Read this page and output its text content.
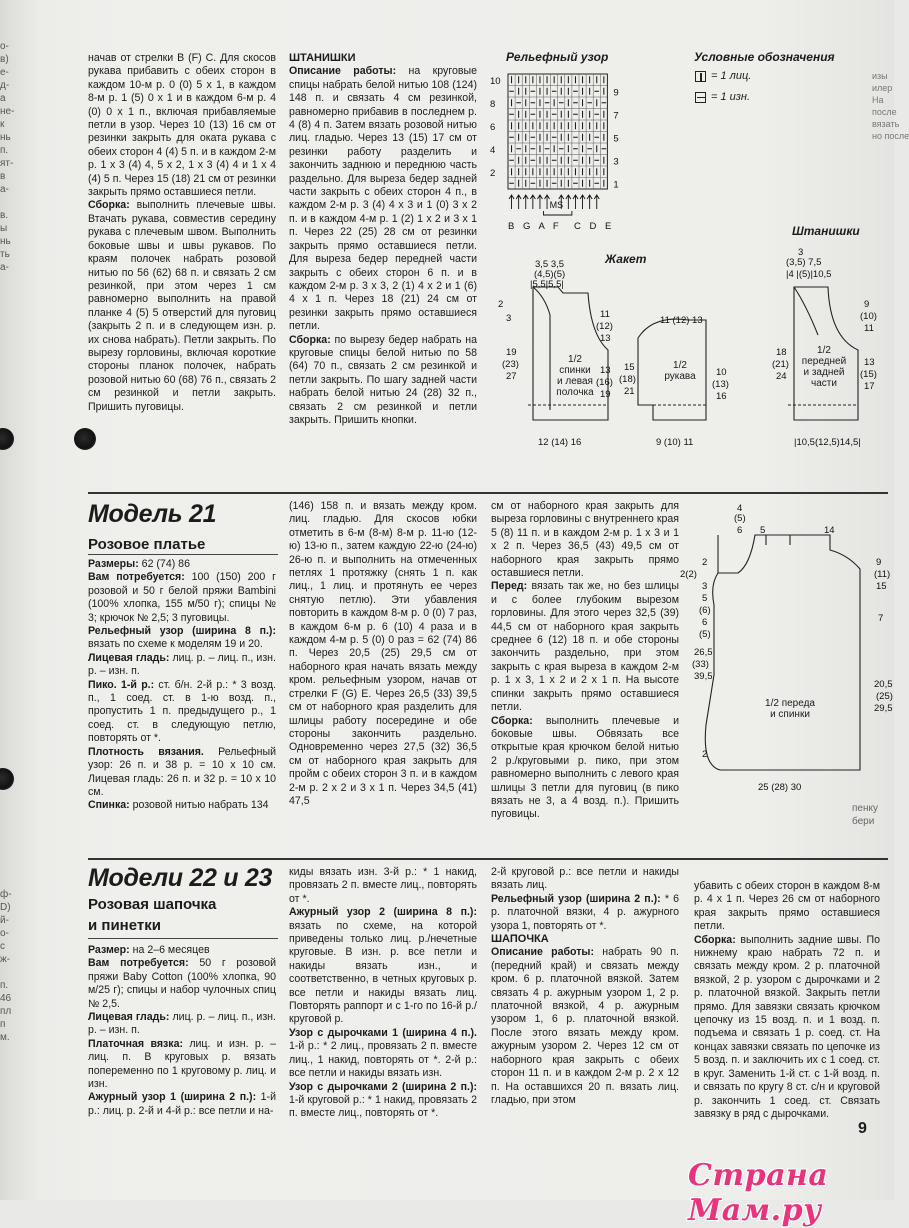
о-
в)
е-
д-
а
не-
к
нь
п.
ят-
в
а-

в.
ы
нь
ть
а-
ф-
D)
й-
о-
с
ж-

п.
46
пл
п
м.

начав от стрелки В (F) С. Для скосов рукава прибавить с обеих сторон в каждом 10-м р. 0 (0) 5 х 1, в каждом 8-м р. 1 (5) 0 х 1 и в каждом 6-м р. 4 (0) 0 х 1 п., включая прибавляемые петли в узор. Через 10 (13) 16 см от резинки закрыть для оката рукава с обеих сторон 4 (4) 5 п. и в каждом 2-м р. 1 х 3 (4) 4, 5 х 2, 1 х 3 (4) 4 и 1 х 4 (4) 5 п. Через 15 (18) 21 см от резинки закрыть прямо оставшиеся петли.

Сборка: выполнить плечевые швы. Втачать рукава, совместив середину рукава с плечевым швом. Выполнить боковые швы и швы рукавов. По краям полочек набрать розовой нитью по 56 (62) 68 п. и связать 2 см резинкой, при этом через 1 см равномерно выполнить на правой планке 4 (5) 5 отверстий для пуговиц (закрыть 2 п. и в следующем изн. р. их снова набрать). Петли закрыть. По вырезу горловины, включая короткие стороны планок полочек, набрать розовой нитью 60 (68) 76 п., связать 2 см резинкой и петли закрыть. Пришить пуговицы.

ШТАНИШКИ

Описание работы: на круговые спицы набрать белой нитью 108 (124) 148 п. и связать 4 см резинкой, равномерно прибавив в последнем р. 4 (8) 4 п. Затем вязать розовой нитью лиц. гладью. Через 13 (15) 17 см от резинки работу разделить и закончить заднюю и переднюю часть раздельно. Для выреза бедер задней части закрыть с обеих сторон 4 п., в каждом 2-м р. 3 (4) 4 х 3 и 1 (0) 3 х 2 п. и в каждом 4-м р. 1 (2) 1 х 2 и 3 х 1 п. Через 22 (25) 28 см от резинки закрыть прямо оставшиеся петли. Для выреза бедер передней части закрыть с обеих сторон 6 п. и в каждом 2-м р. 3 х 3, 2 (1) 4 х 2 и 1 (6) 4 х 1 п. Через 18 (21) 24 см от резинки закрыть прямо оставшиеся петли.

Сборка: по вырезу бедер набрать на круговые спицы белой нитью по 58 (64) 70 п., связать 2 см резинкой и петли закрыть. По шагу задней части набрать белой нитью 24 (28) 32 п., связать 2 см резинкой и петли закрыть. Пришить кнопки.

Рельефный узор
10
8
6
4
2
9
7
5
3
1
MS
B G A F C D E
Условные обозначения
= 1 лиц.
= 1 изн.
Жакет
Штанишки
3,5 3,5
(4,5)(5)
|5,5|5,5|
2
3
19
(23)
27
11
(12)
13
13
(16)
19
12 (14) 16
11 (12) 13
15
(18)
21
10
(13)
16
9 (10) 11
3
(3,5) 7,5
|4 |(5)|10,5
18
(21)
24
9
(10)
11
13
(15)
17
|10,5(12,5)14,5|
1/2
спинки
и левая
полочка
1/2
рукава
1/2
передней
и задней
части
изы
илер
На
после
вязать
но после
Модель 21
Розовое платье

Размеры: 62 (74) 86

Вам потребуется: 100 (150) 200 г розовой и 50 г белой пряжи Bambini (100% хлопка, 155 м/50 г); спицы № 3; крючок № 2,5; 3 пуговицы.

Рельефный узор (ширина 8 п.): вязать по схеме к моделям 19 и 20.

Лицевая гладь: лиц. р. – лиц. п., изн. р. – изн. п.

Пико. 1-й р.: ст. б/н. 2-й р.: * 3 возд. п., 1 соед. ст. в 1-ю возд. п., пропустить 1 п. предыдущего р., 1 соед. ст. в следующую петлю, повторять от *.

Плотность вязания. Рельефный узор: 26 п. и 38 р. = 10 х 10 см. Лицевая гладь: 26 п. и 32 р. = 10 х 10 см.

Спинка: розовой нитью набрать 134

(146) 158 п. и вязать между кром. лиц. гладью. Для скосов юбки отметить в 6-м (8-м) 8-м р. 11-ю (12-ю) 13-ю п., затем каждую 22-ю (24-ю) 26-ю п. и выполнить на отмеченных петлях 1 протяжку (снять 1 п. как лиц., 1 лиц. и протянуть ее через снятую петлю). Эти убавления повторить в каждом 8-м р. 0 (0) 7 раз, в каждом 6-м р. 6 (10) 4 раза и в каждом 4-м р. 5 (0) 0 раз = 62 (74) 86 п. Через 20,5 (25) 29,5 см от наборного края начать вязать между кром. рельефным узором, начав от стрелки F (G) Е. Через 26,5 (33) 39,5 см от наборного края разделить для шлицы работу посередине и обе стороны закончить раздельно. Одновременно через 27,5 (32) 36,5 см от наборного края закрыть для пройм с обеих сторон 3 п. и в каждом 2-м р. 2 х 2 и 3 х 1 п. Через 34,5 (41) 47,5

см от наборного края закрыть для выреза горловины с внутреннего края 5 (8) 11 п. и в каждом 2-м р. 1 х 3 и 1 х 2 п. Через 36,5 (43) 49,5 см от наборного края закрыть прямо оставшиеся петли.

Перед: вязать так же, но без шлицы и с более глубоким вырезом горловины. Для этого через 32,5 (39) 44,5 см от наборного края закрыть среднее 6 (12) 18 п. и обе стороны закончить раздельно, при этом закрыть с края выреза в каждом 2-м р. 1 х 3, 1 х 2 и 2 х 1 п. На высоте спинки закрыть прямо оставшиеся петли.

Сборка: выполнить плечевые и боковые швы. Обвязать все открытые края крючком белой нитью 2 р./круговыми р. пико, при этом равномерно выполнить с левого края шлицы 3 петли для пуговиц (в пико вязать не 3, а 4 возд. п.). Пришить пуговицы.

4
(5)
6 5	14
2
2(2)
3
5
(6)
6
(5)
26,5
(33)
39,5
2
9
(11)
15
7
20,5
(25)
29,5
25 (28) 30
1/2 переда
и спинки
пенку
бери
Модели 22 и 23
Розовая шапочка
и пинетки

Размер: на 2–6 месяцев

Вам потребуется: 50 г розовой пряжи Baby Cotton (100% хлопка, 90 м/25 г); спицы и набор чулочных спиц № 2,5.

Лицевая гладь: лиц. р. – лиц. п., изн. р. – изн. п.

Платочная вязка: лиц. и изн. р. – лиц. п. В круговых р. вязать попеременно по 1 круговому р. лиц. и изн.

Ажурный узор 1 (ширина 2 п.): 1-й р.: лиц. р. 2-й и 4-й р.: все петли и на-

киды вязать изн. 3-й р.: * 1 накид, провязать 2 п. вместе лиц., повторять от *.

Ажурный узор 2 (ширина 8 п.): вязать по схеме, на которой приведены только лиц. р./нечетные круговые. В изн. р. все петли и накиды вязать изн., и соответственно, в четных круговых р. все петли и накиды вязать лиц. Повторять раппорт и с 1-го по 16-й р./круговой р.

Узор с дырочками 1 (ширина 4 п.). 1-й р.: * 2 лиц., провязать 2 п. вместе лиц., 1 накид, повторять от *. 2-й р.: все петли и накиды вязать изн.

Узор с дырочками 2 (ширина 2 п.): 1-й круговой р.: * 1 накид, провязать 2 п. вместе лиц., повторять от *.

2-й круговой р.: все петли и накиды вязать лиц.

Рельефный узор (ширина 2 п.): * 6 р. платочной вязки, 4 р. ажурного узора 1, повторять от *.

ШАПОЧКА

Описание работы: набрать 90 п. (передний край) и связать между кром. 6 р. платочной вязкой. Затем связать 4 р. ажурным узором 1, 2 р. платочной вязкой, 4 р. ажурным узором 1, 6 р. платочной вязкой. После этого вязать между кром. ажурным узором 2. Через 12 см от наборного края закрыть с обеих сторон 11 п. и в каждом 2-м р. 2 х 12 п. На оставшихся 20 п. вязать лиц. гладью, при этом

убавить с обеих сторон в каждом 8-м р. 4 х 1 п. Через 26 см от наборного края закрыть прямо оставшиеся петли.

Сборка: выполнить задние швы. По нижнему краю набрать 72 п. и связать между кром. 2 р. платочной вязкой, 2 р. узором с дырочками и 2 р. платочной вязкой. Закрыть петли прямо. Для завязки связать крючком цепочку из 15 возд. п. и 1 возд. п. подъема и связать 1 р. соед. ст. На концах завязки связать по цепочке из 5 возд. п. и заключить их с 1 соед. ст. в круг. Заменить 1-й ст. с 1-й возд. п. и связать по кругу 8 ст. с/н и круговой р. закончить 1 соед. ст. Связать завязку в ряд с дырочками.

9
Страна Мам.ру
